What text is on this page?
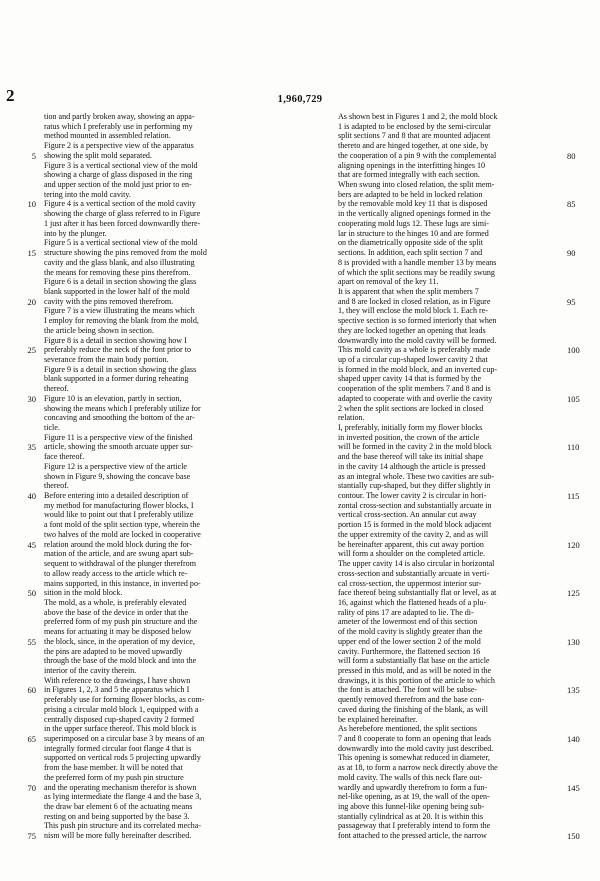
2	1,960,729
tion and partly broken away, showing an appa-
ratus which I preferably use in performing my
method mounted in assembled relation.
Figure 2 is a perspective view of the apparatus
showing the split mold separated.
Figure 3 is a vertical sectional view of the mold
showing a charge of glass disposed in the ring
and upper section of the mold just prior to en-
tering into the mold cavity.
Figure 4 is a vertical section of the mold cavity
showing the charge of glass referred to in Figure
1 just after it has been forced downwardly there-
into by the plunger.
Figure 5 is a vertical sectional view of the mold
structure showing the pins removed from the mold
cavity and the glass blank, and also illustrating
the means for removing these pins therefrom.
Figure 6 is a detail in section showing the glass
blank supported in the lower half of the mold
cavity with the pins removed therefrom.
Figure 7 is a view illustrating the means which
I employ for removing the blank from the mold,
the article being shown in section.
Figure 8 is a detail in section showing how I
preferably reduce the neck of the font prior to
severance from the main body portion.
Figure 9 is a detail in section showing the glass
blank supported in a former during reheating
thereof.
Figure 10 is an elevation, partly in section,
showing the means which I preferably utilize for
concaving and smoothing the bottom of the ar-
ticle.
Figure 11 is a perspective view of the finished
article, showing the smooth arcuate upper sur-
face thereof.
Figure 12 is a perspective view of the article
shown in Figure 9, showing the concave base
thereof.
Before entering into a detailed description of
my method for manufacturing flower blocks, I
would like to point out that I preferably utilize
a font mold of the split section type, wherein the
two halves of the mold are locked in cooperative
relation around the mold block during the for-
mation of the article, and are swung apart sub-
sequent to withdrawal of the plunger therefrom
to allow ready access to the article which re-
mains supported, in this instance, in inverted po-
sition in the mold block.
The mold, as a whole, is preferably elevated
above the base of the device in order that the
preferred form of my push pin structure and the
means for actuating it may be disposed below
the block, since, in the operation of my device,
the pins are adapted to be moved upwardly
through the base of the mold block and into the
interior of the cavity therein.
With reference to the drawings, I have shown
in Figures 1, 2, 3 and 5 the apparatus which I
preferably use for forming flower blocks, as com-
prising a circular mold block 1, equipped with a
centrally disposed cup-shaped cavity 2 formed
in the upper surface thereof. This mold block is
superimposed on a circular base 3 by means of an
integrally formed circular foot flange 4 that is
supported on vertical rods 5 projecting upwardly
from the base member. It will be noted that
the preferred form of my push pin structure
and the operating mechanism therefor is shown
as lying intermediate the flange 4 and the base 3,
the draw bar element 6 of the actuating means
resting on and being supported by the base 3.
This push pin structure and its correlated mecha-
nism will be more fully hereinafter described.
As shown best in Figures 1 and 2, the mold block
1 is adapted to be enclosed by the semi-circular
split sections 7 and 8 that are mounted adjacent
thereto and are hinged together, at one side, by
the cooperation of a pin 9 with the complemental
aligning openings in the interfitting hinges 10
that are formed integrally with each section.
When swung into closed relation, the split mem-
bers are adapted to be held in locked relation
by the removable mold key 11 that is disposed
in the vertically aligned openings formed in the
cooperating mold lugs 12. These lugs are simi-
lar in structure to the hinges 10 and are formed
on the diametrically opposite side of the split
sections. In addition, each split section 7 and
8 is provided with a handle member 13 by means
of which the split sections may be readily swung
apart on removal of the key 11.
It is apparent that when the split members 7
and 8 are locked in closed relation, as in Figure
1, they will enclose the mold block 1. Each re-
spective section is so formed interiorly that when
they are locked together an opening that leads
downwardly into the mold cavity will be formed.
This mold cavity as a whole is preferably made
up of a circular cup-shaped lower cavity 2 that
is formed in the mold block, and an inverted cup-
shaped upper cavity 14 that is formed by the
cooperation of the split members 7 and 8 and is
adapted to cooperate with and overlie the cavity
2 when the split sections are locked in closed
relation.
I, preferably, initially form my flower blocks
in inverted position, the crown of the article
will be formed in the cavity 2 in the mold block
and the base thereof will take its initial shape
in the cavity 14 although the article is pressed
as an integral whole. These two cavities are sub-
stantially cup-shaped, but they differ slightly in
contour. The lower cavity 2 is circular in hori-
zontal cross-section and substantially arcuate in
vertical cross-section. An annular cut away
portion 15 is formed in the mold block adjacent
the upper extremity of the cavity 2, and as will
be hereinafter apparent, this cut away portion
will form a shoulder on the completed article.
The upper cavity 14 is also circular in horizontal
cross-section and substantially arcuate in verti-
cal cross-section, the uppermost interior sur-
face thereof being substantially flat or level, as at
16, against which the flattened heads of a plu-
rality of pins 17 are adapted to lie. The di-
ameter of the lowermost end of this section
of the mold cavity is slightly greater than the
upper end of the lower section 2 of the mold
cavity. Furthermore, the flattened section 16
will form a substantially flat base on the article
pressed in this mold, and as will be noted in the
drawings, it is this portion of the article to which
the font is attached. The font will be subse-
quently removed therefrom and the base con-
caved during the finishing of the blank, as will
be explained hereinafter.
As herebefore mentioned, the split sections
7 and 8 cooperate to form an opening that leads
downwardly into the mold cavity just described.
This opening is somewhat reduced in diameter,
as at 18, to form a narrow neck directly above the
mold cavity. The walls of this neck flare out-
wardly and upwardly therefrom to form a fun-
nel-like opening, as at 19, the wall of the open-
ing above this funnel-like opening being sub-
stantially cylindrical as at 20. It is within this
passageway that I preferably intend to form the
font attached to the pressed article, the narrow
5
10
15
20
25
30
35
40
45
50
55
60
65
70
75
80
85
90
95
100
105
110
115
120
125
130
135
140
145
150
